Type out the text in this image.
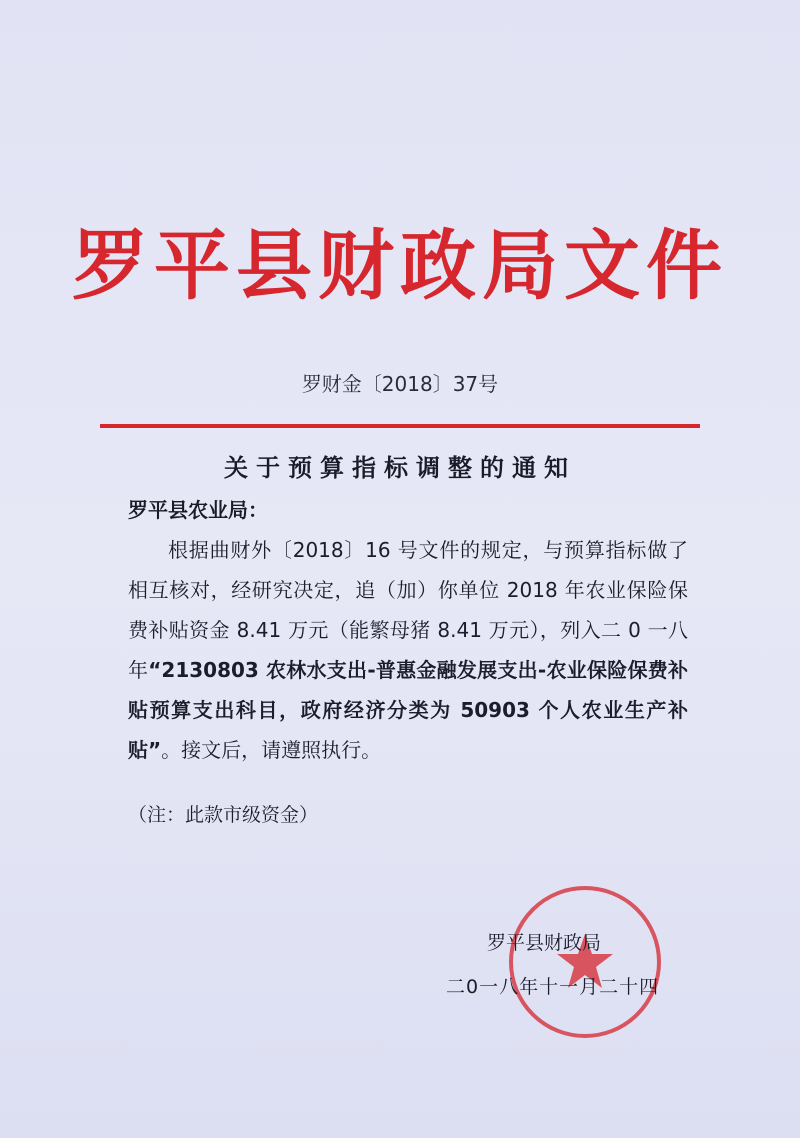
罗平县财政局文件
罗财金〔2018〕37号
关于预算指标调整的通知
罗平县农业局：

根据曲财外〔2018〕16 号文件的规定，与预算指标做了相互核对，经研究决定，追（加）你单位 2018 年农业保险保费补贴资金 8.41 万元（能繁母猪 8.41 万元），列入二 0 一八年“2130803 农林水支出-普惠金融发展支出-农业保险保费补贴预算支出科目，政府经济分类为 50903 个人农业生产补贴”。接文后，请遵照执行。

（注：此款市级资金）
罗平县财政局
二0一八年十一月二十四
